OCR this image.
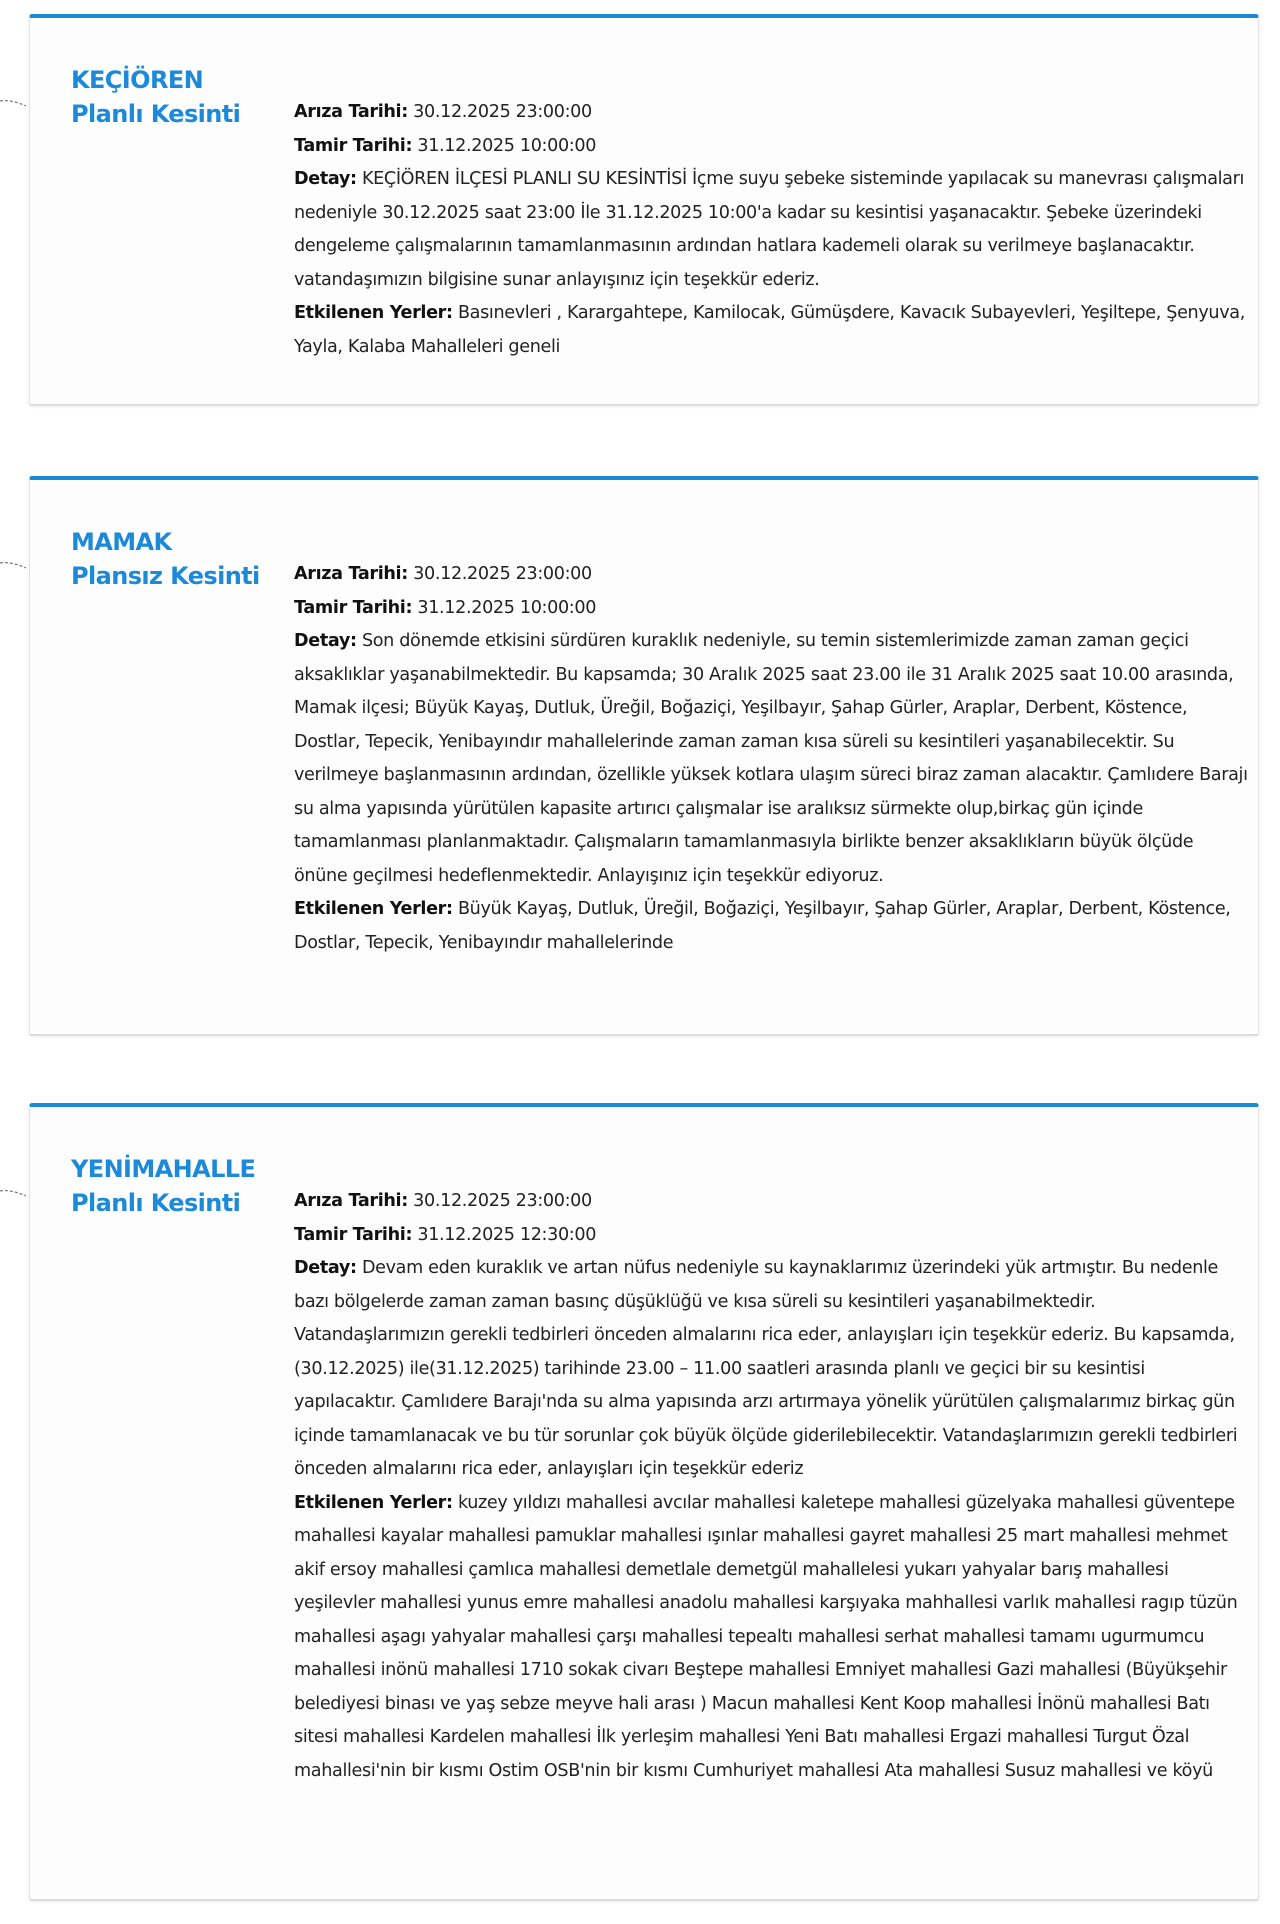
KEÇİÖREN
Planlı Kesinti	Arıza Tarihi: 30.12.2025 23:00:00

Tamir Tarihi: 31.12.2025 10:00:00

Detay: KEÇİÖREN İLÇESİ PLANLI SU KESİNTİSİ İçme suyu şebeke sisteminde yapılacak su manevrası çalışmaları nedeniyle 30.12.2025 saat 23:00 İle 31.12.2025 10:00'a kadar su kesintisi yaşanacaktır. Şebeke üzerindeki dengeleme çalışmalarının tamamlanmasının ardından hatlara kademeli olarak su verilmeye başlanacaktır. vatandaşımızın bilgisine sunar anlayışınız için teşekkür ederiz.

Etkilenen Yerler: Basınevleri , Karargahtepe, Kamilocak, Gümüşdere, Kavacık Subayevleri, Yeşiltepe, Şenyuva, Yayla, Kalaba Mahalleleri geneli

MAMAK
Plansız Kesinti	Arıza Tarihi: 30.12.2025 23:00:00

Tamir Tarihi: 31.12.2025 10:00:00

Detay: Son dönemde etkisini sürdüren kuraklık nedeniyle, su temin sistemlerimizde zaman zaman geçici aksaklıklar yaşanabilmektedir. Bu kapsamda; 30 Aralık 2025 saat 23.00 ile 31 Aralık 2025 saat 10.00 arasında, Mamak ilçesi; Büyük Kayaş, Dutluk, Üreğil, Boğaziçi, Yeşilbayır, Şahap Gürler, Araplar, Derbent, Köstence, Dostlar, Tepecik, Yenibayındır mahallelerinde zaman zaman kısa süreli su kesintileri yaşanabilecektir. Su verilmeye başlanmasının ardından, özellikle yüksek kotlara ulaşım süreci biraz zaman alacaktır. Çamlıdere Barajı su alma yapısında yürütülen kapasite artırıcı çalışmalar ise aralıksız sürmekte olup,birkaç gün içinde tamamlanması planlanmaktadır. Çalışmaların tamamlanmasıyla birlikte benzer aksaklıkların büyük ölçüde önüne geçilmesi hedeflenmektedir. Anlayışınız için teşekkür ediyoruz.

Etkilenen Yerler: Büyük Kayaş, Dutluk, Üreğil, Boğaziçi, Yeşilbayır, Şahap Gürler, Araplar, Derbent, Köstence, Dostlar, Tepecik, Yenibayındır mahallelerinde

YENİMAHALLE
Planlı Kesinti	Arıza Tarihi: 30.12.2025 23:00:00

Tamir Tarihi: 31.12.2025 12:30:00

Detay: Devam eden kuraklık ve artan nüfus nedeniyle su kaynaklarımız üzerindeki yük artmıştır. Bu nedenle bazı bölgelerde zaman zaman basınç düşüklüğü ve kısa süreli su kesintileri yaşanabilmektedir. Vatandaşlarımızın gerekli tedbirleri önceden almalarını rica eder, anlayışları için teşekkür ederiz. Bu kapsamda, (30.12.2025) ile(31.12.2025) tarihinde 23.00 – 11.00 saatleri arasında planlı ve geçici bir su kesintisi yapılacaktır. Çamlıdere Barajı'nda su alma yapısında arzı artırmaya yönelik yürütülen çalışmalarımız birkaç gün içinde tamamlanacak ve bu tür sorunlar çok büyük ölçüde giderilebilecektir. Vatandaşlarımızın gerekli tedbirleri önceden almalarını rica eder, anlayışları için teşekkür ederiz

Etkilenen Yerler: kuzey yıldızı mahallesi avcılar mahallesi kaletepe mahallesi güzelyaka mahallesi güventepe mahallesi kayalar mahallesi pamuklar mahallesi ışınlar mahallesi gayret mahallesi 25 mart mahallesi mehmet akif ersoy mahallesi çamlıca mahallesi demetlale demetgül mahallelesi yukarı yahyalar barış mahallesi yeşilevler mahallesi yunus emre mahallesi anadolu mahallesi karşıyaka mahhallesi varlık mahallesi ragıp tüzün mahallesi aşagı yahyalar mahallesi çarşı mahallesi tepealtı mahallesi serhat mahallesi tamamı ugurmumcu mahallesi inönü mahallesi 1710 sokak civarı Beştepe mahallesi Emniyet mahallesi Gazi mahallesi (Büyükşehir belediyesi binası ve yaş sebze meyve hali arası ) Macun mahallesi Kent Koop mahallesi İnönü mahallesi Batı sitesi mahallesi Kardelen mahallesi İlk yerleşim mahallesi Yeni Batı mahallesi Ergazi mahallesi Turgut Özal mahallesi'nin bir kısmı Ostim OSB'nin bir kısmı Cumhuriyet mahallesi Ata mahallesi Susuz mahallesi ve köyü
